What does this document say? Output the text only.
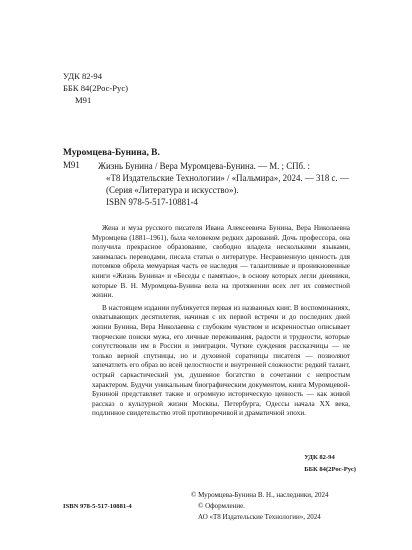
УДК 82-94
ББК 84(2Рос-Рус)
М91
Муромцева-Бунина, В.
М91 Жизнь Бунина / Вера Муромцева-Бунина. — М. ; СПб. :
«Т8 Издательские Технологии» / «Пальмира», 2024. — 318 с. —
(Серия «Литература и искусство»).
ISBN 978-5-517-10881-4

Жена и муза русского писателя Ивана Алексеевича Бунина, Вера Николаевна Муромцева (1881–1961), была человеком редких дарований. Дочь профессора, она получила прекрасное образование, свободно владела несколькими языками, занималась переводами, писала статьи о литературе. Несравненную ценность для потомков обрела мемуарная часть ее наследия — талантливые и проникновенные книги «Жизнь Бунина» и «Беседы с памятью», в основу которых легли дневники, которые В. Н. Муромцева-Бунина вела на протяжении всех лет их совместной жизни.

В настоящем издании публикуется первая из названных книг. В воспоминаниях, охватывающих десятилетия, начиная с их первой встречи и до последних дней жизни Бунина, Вера Николаевна с глубоким чувством и искренностью описывает творческие поиски мужа, его личные переживания, радости и трудности, которые сопутствовали им в России и эмиграции. Чуткие суждения рассказчицы — не только верной спутницы, но и духовной соратницы писателя — позволяют запечатлеть его образ во всей целостности и внутренней сложности: редкий талант, острый саркастический ум, душевное богатство в сочетании с непростым характером. Будучи уникальным биографическим документом, книга Муромцевой-Буниной представляет также и огромную историческую ценность — как живой рассказ о культурной жизни Москвы, Петербурга, Одессы начала XX века, подлинное свидетельство этой противоречивой и драматичной эпохи.

УДК 82-94
ББК 84(2Рос-Рус)
ISBN 978-5-517-10881-4
© Муромцева-Бунина В. Н., наследники, 2024
© Оформление.
АО «Т8 Издательские Технологии», 2024
